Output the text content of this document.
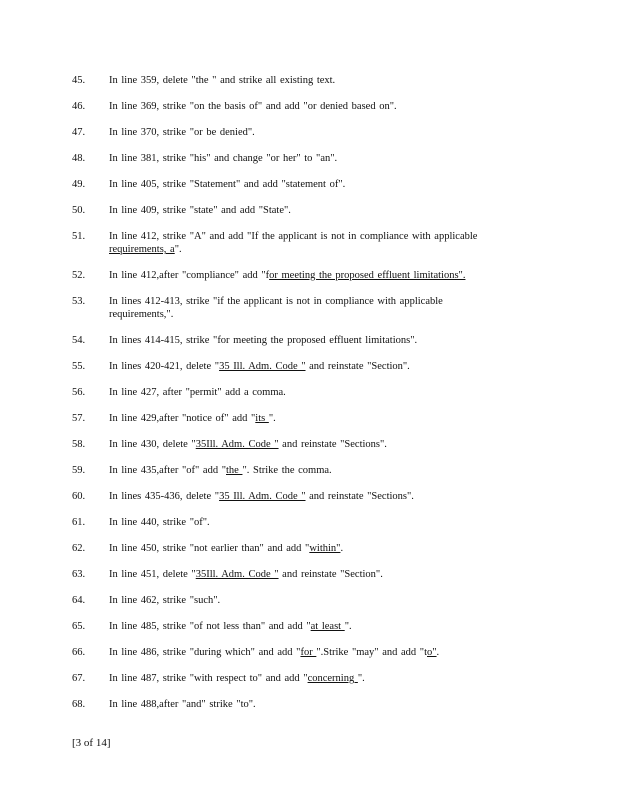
45.	In line 359, delete "the " and strike all existing text.
46.	In line 369, strike "on the basis of" and add "or denied based on".
47.	In line 370, strike "or be denied".
48.	In line 381, strike "his" and change "or her" to "an".
49.	In line 405, strike "Statement" and add "statement of".
50.	In line 409, strike "state" and add "State".
51.	In line 412, strike "A" and add "If the applicant is not in compliance with applicable
requirements, a".
52.	In line 412,after "compliance" add "for meeting the proposed effluent limitations".
53.	In lines 412-413, strike "if the applicant is not in compliance with applicable
requirements,".
54.	In lines 414-415, strike "for meeting the proposed effluent limitations".
55.	In lines 420-421, delete "35 Ill. Adm. Code " and reinstate "Section".
56.	In line 427, after "permit" add a comma.
57.	In line 429,after "notice of" add "its ".
58.	In line 430, delete "35Ill. Adm. Code " and reinstate "Sections".
59.	In line 435,after "of" add "the ". Strike the comma.
60.	In lines 435-436, delete "35 Ill. Adm. Code " and reinstate "Sections".
61.	In line 440, strike "of".
62.	In line 450, strike "not earlier than" and add "within".
63.	In line 451, delete "35Ill. Adm. Code " and reinstate "Section".
64.	In line 462, strike "such".
65.	In line 485, strike "of not less than" and add "at least ".
66.	In line 486, strike "during which" and add "for ".Strike "may" and add "to".
67.	In line 487, strike "with respect to" and add "concerning ".
68.	In line 488,after "and" strike "to".
[3 of 14]
